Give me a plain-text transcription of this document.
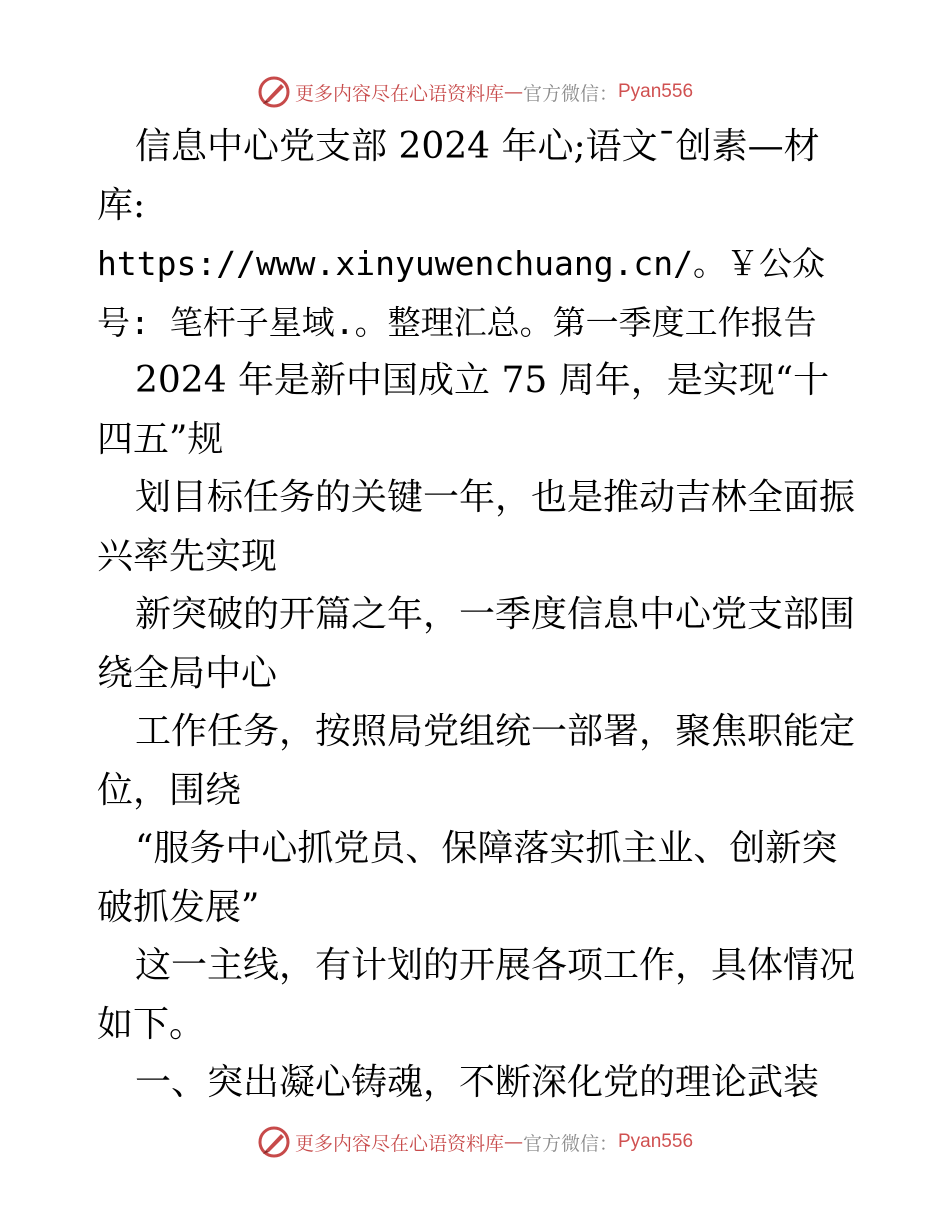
更多内容尽在心语资料库 — 官方微信： Pyan556

信息中心党支部 2024 年心;语文¯创素—材库:

https://www.xinyuwenchuang.cn/。￥公众号: 笔杆子星域.。整理汇总。第一季度工作报告

2024 年是新中国成立 75 周年，是实现“十四五”规

划目标任务的关键一年，也是推动吉林全面振兴率先实现

新突破的开篇之年，一季度信息中心党支部围绕全局中心

工作任务，按照局党组统一部署，聚焦职能定位，围绕

“服务中心抓党员、保障落实抓主业、创新突破抓发展”

这一主线，有计划的开展各项工作，具体情况如下。

一、突出凝心铸魂，不断深化党的理论武装

更多内容尽在心语资料库 — 官方微信： Pyan556
